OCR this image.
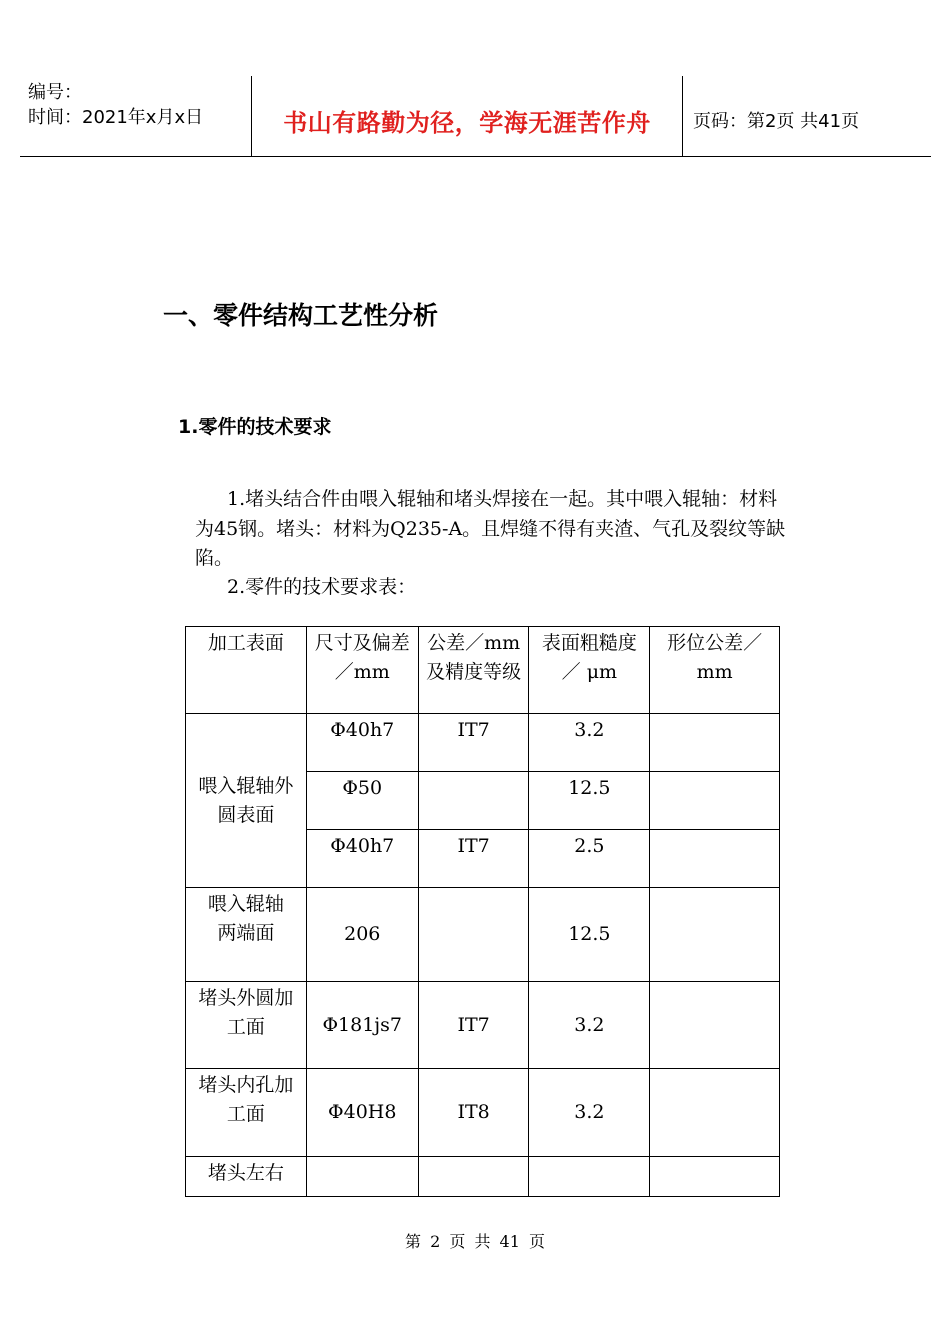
编号：
时间：2021年x月x日	书山有路勤为径，学海无涯苦作舟	页码：第2页 共41页
一、零件结构工艺性分析
1.零件的技术要求
1.堵头结合件由喂入辊轴和堵头焊接在一起。其中喂入辊轴：材料为45钢。堵头：材料为Q235-A。且焊缝不得有夹渣、气孔及裂纹等缺陷。
2.零件的技术要求表：
加工表面	尺寸及偏差／mm	公差／mm及精度等级	表面粗糙度／ μm	形位公差／mm
喂入辊轴外圆表面	Φ40h7	IT7	3.2	
	Φ50		12.5	
	Φ40h7	IT7	2.5	
喂入辊轴两端面	206		12.5	
堵头外圆加工面	Φ181js7	IT7	3.2	
堵头内孔加工面	Φ40H8	IT8	3.2	
堵头左右				
第 2 页 共 41 页
